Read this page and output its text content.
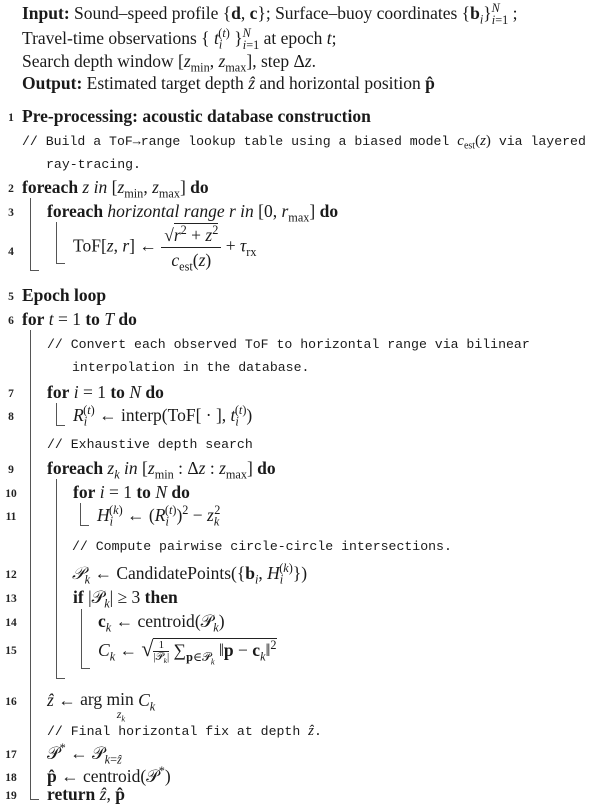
Input: Sound–speed profile {d, c}; Surface–buoy coordinates $\{b_i\}^N_{i=1}$ ;
Travel-time observations { $t_i^{(t)}$ }$^N_{i=1}$ at epoch t;
Search depth window [$z_{min}$, $z_{max}$], step Δz.
Output: Estimated target depth ẑ and horizontal position p̂
1 Pre-processing: acoustic database construction
// Build a ToF→range lookup table using a biased model $c_{est}(z)$ via layered
ray-tracing.
2 foreach z in [$z_{min}$, $z_{max}$] do
3 foreach horizontal range r in [0, $r_{max}$] do
4	ToF[z, r] ← $\frac{√r^2 + z^2}{c_{est}(z)} + \tau_{rx}$
5 Epoch loop
6 for t = 1 to T do
// Convert each observed ToF to horizontal range via bilinear
interpolation in the database.
7 for i = 1 to N do
8	$R_i^{(t)}$ ← interp(ToF[ · ], $t_i^{(t)}$)
// Exhaustive depth search
9 foreach $z_k$ in [$z_{min}$ : Δz : $z_{max}$] do
10	for i = 1 to N do
11	$H_i^{(k)}$ ← $(R_i^{(t)})^2 - z_k^2$
// Compute pairwise circle-circle intersections.
12	𝒫$_k$ ← $CandidatePoints(\{b_i$, $H_i^{(k)}$})
13	if |𝒫$_k$| ≥ 3 then
14	$c_k$ ← centroid(𝒫$_k$)
15	$C_k$ ← √ 1
|𝒫$_k$| $\sum_{p\in 𝒫_k}$ ‖p − $c_k‖^2$
16 ẑ ← arg min
$z_k$
$C_k$
// Final horizontal fix at depth ẑ.
17 𝒫* ← 𝒫$_{k=ẑ}$
18 p̂ ← centroid(𝒫*)
19 return ẑ, p̂
